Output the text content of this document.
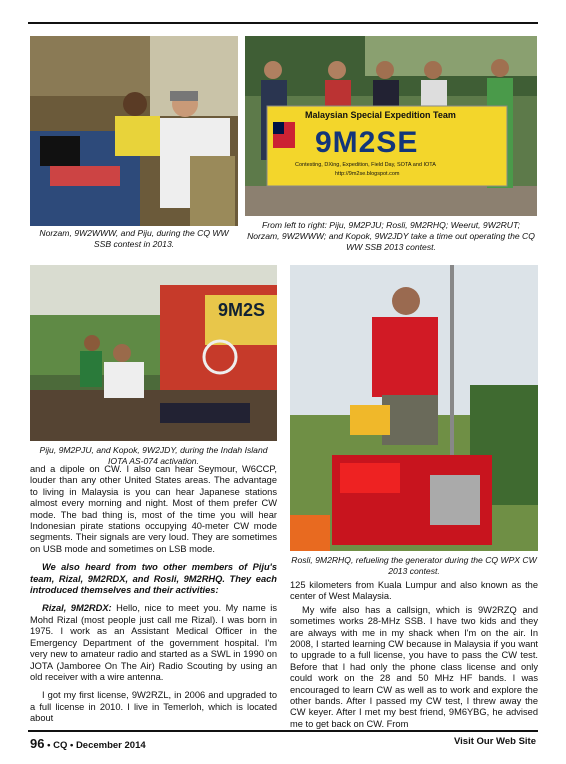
Malaysian Special Expedition Team
9M2SE
Contesting, DXing, Expedition, Field Day, SOTA and IOTA
http://9m2se.blogspot.com
Norzam, 9W2WWW, and Piju, during the CQ WW SSB contest in 2013.
From left to right: Piju, 9M2PJU; Rosli, 9M2RHQ; Weerut, 9W2RUT; Norzam, 9W2WWW; and Kopok, 9W2JDY take a time out operating the CQ WW SSB 2013 contest.
9M2S
Piju, 9M2PJU, and Kopok, 9W2JDY, during the Indah Island IOTA AS-074 activation.
Rosli, 9M2RHQ, refueling the generator during the CQ WPX CW 2013 contest.

and a dipole on CW. I also can hear Seymour, W6CCP, louder than any other United States areas. The advantage to living in Malaysia is you can hear Japanese stations almost every morning and night. Most of them prefer CW mode. The bad thing is, most of the time you will hear Indonesian pirate stations occupying 40-meter CW mode segments. Their signals are very loud. They are sometimes on USB mode and sometimes on LSB mode.

We also heard from two other members of Piju's team, Rizal, 9M2RDX, and Rosli, 9M2RHQ. They each introduced themselves and their activities:

Rizal, 9M2RDX: Hello, nice to meet you. My name is Mohd Rizal (most people just call me Rizal). I was born in 1975. I work as an Assistant Medical Officer in the Emergency Department of the government hospital. I'm very new to amateur radio and started as a SWL in 1990 on JOTA (Jamboree On The Air) Radio Scouting by using an old receiver with a wire antenna.

I got my first license, 9W2RZL, in 2006 and upgraded to a full license in 2010. I live in Temerloh, which is located about

125 kilometers from Kuala Lumpur and also known as the center of West Malaysia.

My wife also has a callsign, which is 9W2RZQ and sometimes works 28-MHz SSB. I have two kids and they are always with me in my shack when I'm on the air. In 2008, I started learning CW because in Malaysia if you want to upgrade to a full license, you have to pass the CW test. Before that I had only the phone class license and only could work on the 28 and 50 MHz HF bands. I was encouraged to learn CW as well as to work and explore the other bands. After I passed my CW test, I threw away the CW keyer. After I met my best friend, 9M6YBG, he advised me to get back on CW. From

96 • CQ • December 2014	Visit Our Web Site
